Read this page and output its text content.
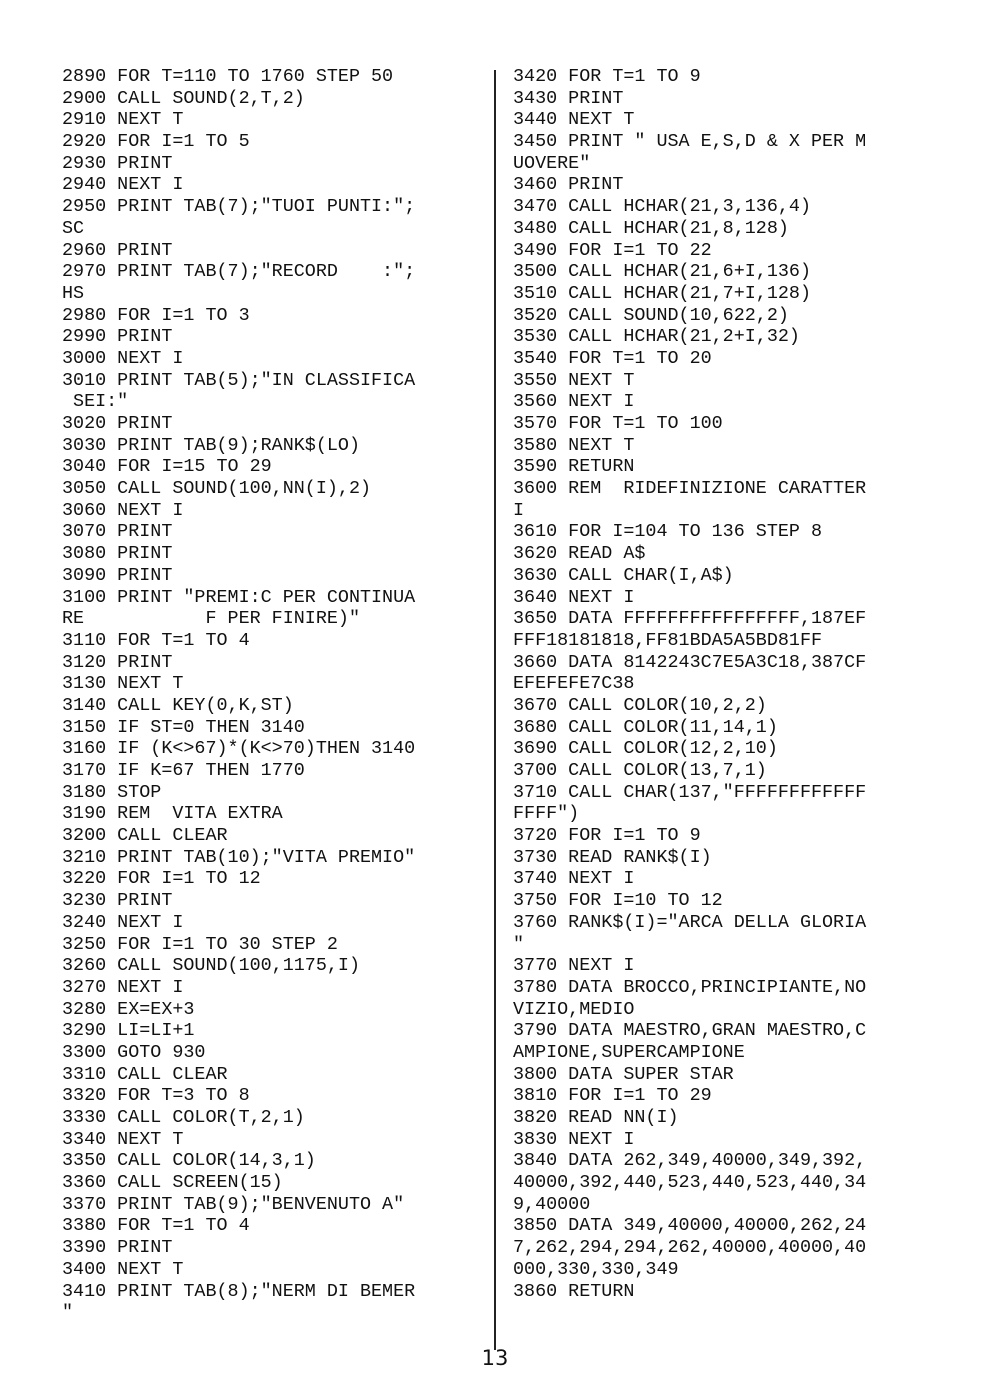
2890 FOR T=110 TO 1760 STEP 50
2900 CALL SOUND(2,T,2)
2910 NEXT T
2920 FOR I=1 TO 5
2930 PRINT
2940 NEXT I
2950 PRINT TAB(7);"TUOI PUNTI:";
SC
2960 PRINT
2970 PRINT TAB(7);"RECORD    :";
HS
2980 FOR I=1 TO 3
2990 PRINT
3000 NEXT I
3010 PRINT TAB(5);"IN CLASSIFICA
SEI:"
3020 PRINT
3030 PRINT TAB(9);RANK$(LO)
3040 FOR I=15 TO 29
3050 CALL SOUND(100,NN(I),2)
3060 NEXT I
3070 PRINT
3080 PRINT
3090 PRINT
3100 PRINT "PREMI:C PER CONTINUA
RE           F PER FINIRE)"
3110 FOR T=1 TO 4
3120 PRINT
3130 NEXT T
3140 CALL KEY(0,K,ST)
3150 IF ST=0 THEN 3140
3160 IF (K<>67)*(K<>70)THEN 3140
3170 IF K=67 THEN 1770
3180 STOP
3190 REM  VITA EXTRA
3200 CALL CLEAR
3210 PRINT TAB(10);"VITA PREMIO"
3220 FOR I=1 TO 12
3230 PRINT
3240 NEXT I
3250 FOR I=1 TO 30 STEP 2
3260 CALL SOUND(100,1175,I)
3270 NEXT I
3280 EX=EX+3
3290 LI=LI+1
3300 GOTO 930
3310 CALL CLEAR
3320 FOR T=3 TO 8
3330 CALL COLOR(T,2,1)
3340 NEXT T
3350 CALL COLOR(14,3,1)
3360 CALL SCREEN(15)
3370 PRINT TAB(9);"BENVENUTO A"
3380 FOR T=1 TO 4
3390 PRINT
3400 NEXT T
3410 PRINT TAB(8);"NERM DI BEMER
"
3420 FOR T=1 TO 9
3430 PRINT
3440 NEXT T
3450 PRINT " USA E,S,D & X PER M
UOVERE"
3460 PRINT
3470 CALL HCHAR(21,3,136,4)
3480 CALL HCHAR(21,8,128)
3490 FOR I=1 TO 22
3500 CALL HCHAR(21,6+I,136)
3510 CALL HCHAR(21,7+I,128)
3520 CALL SOUND(10,622,2)
3530 CALL HCHAR(21,2+I,32)
3540 FOR T=1 TO 20
3550 NEXT T
3560 NEXT I
3570 FOR T=1 TO 100
3580 NEXT T
3590 RETURN
3600 REM  RIDEFINIZIONE CARATTER
I
3610 FOR I=104 TO 136 STEP 8
3620 READ A$
3630 CALL CHAR(I,A$)
3640 NEXT I
3650 DATA FFFFFFFFFFFFFFFF,187EF
FFF18181818,FF81BDA5A5BD81FF
3660 DATA 8142243C7E5A3C18,387CF
EFEFEFE7C38
3670 CALL COLOR(10,2,2)
3680 CALL COLOR(11,14,1)
3690 CALL COLOR(12,2,10)
3700 CALL COLOR(13,7,1)
3710 CALL CHAR(137,"FFFFFFFFFFFF
FFFF")
3720 FOR I=1 TO 9
3730 READ RANK$(I)
3740 NEXT I
3750 FOR I=10 TO 12
3760 RANK$(I)="ARCA DELLA GLORIA
"
3770 NEXT I
3780 DATA BROCCO,PRINCIPIANTE,NO
VIZIO,MEDIO
3790 DATA MAESTRO,GRAN MAESTRO,C
AMPIONE,SUPERCAMPIONE
3800 DATA SUPER STAR
3810 FOR I=1 TO 29
3820 READ NN(I)
3830 NEXT I
3840 DATA 262,349,40000,349,392,
40000,392,440,523,440,523,440,34
9,40000
3850 DATA 349,40000,40000,262,24
7,262,294,294,262,40000,40000,40
000,330,330,349
3860 RETURN
13
